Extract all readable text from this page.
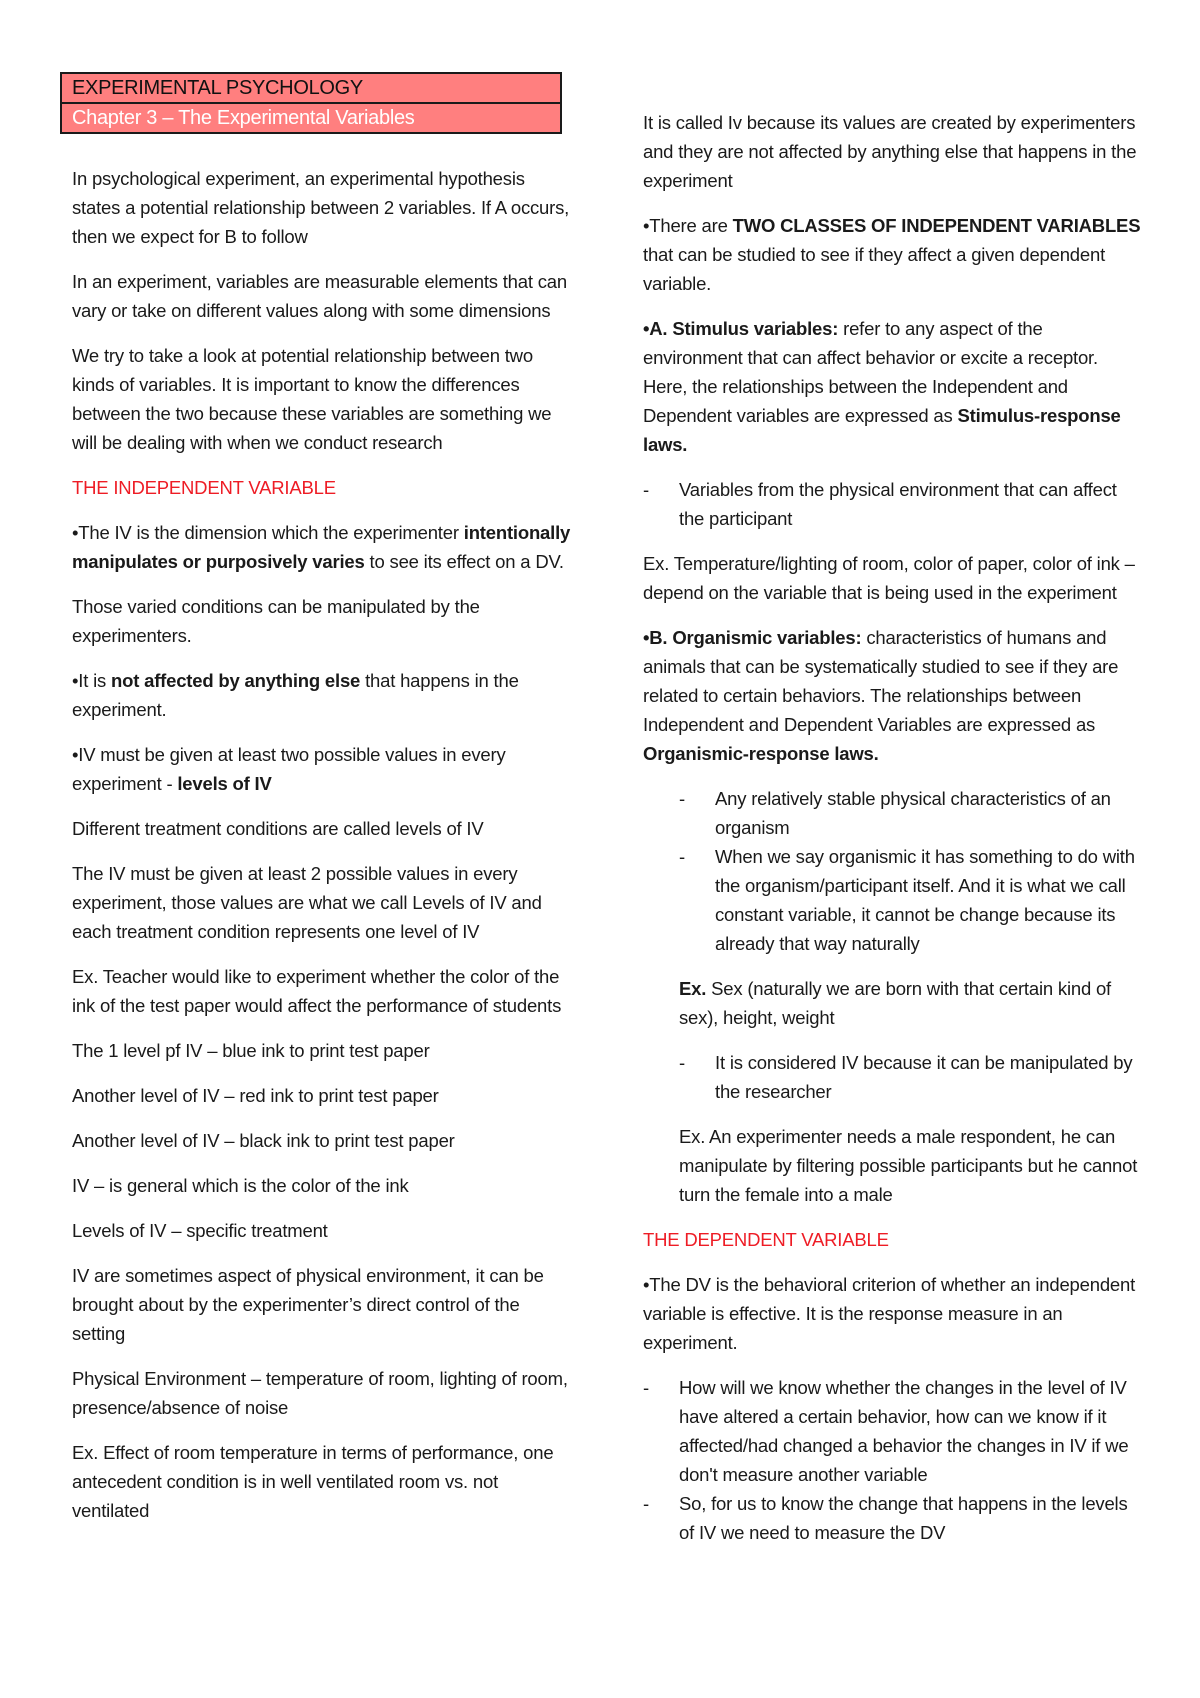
EXPERIMENTAL PSYCHOLOGY
Chapter 3 – The Experimental Variables

In psychological experiment, an experimental hypothesis states a potential relationship between 2 variables. If A occurs, then we expect for B to follow

In an experiment, variables are measurable elements that can vary or take on different values along with some dimensions

We try to take a look at potential relationship between two kinds of variables. It is important to know the differences between the two because these variables are something we will be dealing with when we conduct research

THE INDEPENDENT VARIABLE

•The IV is the dimension which the experimenter intentionally manipulates or purposively varies to see its effect on a DV.

Those varied conditions can be manipulated by the experimenters.

•It is not affected by anything else that happens in the experiment.

•IV must be given at least two possible values in every experiment - levels of IV

Different treatment conditions are called levels of IV

The IV must be given at least 2 possible values in every experiment, those values are what we call Levels of IV and each treatment condition represents one level of IV

Ex. Teacher would like to experiment whether the color of the ink of the test paper would affect the performance of students

The 1 level pf IV – blue ink to print test paper

Another level of IV – red ink to print test paper

Another level of IV – black ink to print test paper

IV – is general which is the color of the ink

Levels of IV – specific treatment

IV are sometimes aspect of physical environment, it can be brought about by the experimenter’s direct control of the setting

Physical Environment – temperature of room, lighting of room, presence/absence of noise

Ex. Effect of room temperature in terms of performance, one antecedent condition is in well ventilated room vs. not ventilated

It is called Iv because its values are created by experimenters and they are not affected by anything else that happens in the experiment

•There are TWO CLASSES OF INDEPENDENT VARIABLES that can be studied to see if they affect a given dependent variable.

•A. Stimulus variables: refer to any aspect of the environment that can affect behavior or excite a receptor. Here, the relationships between the Independent and Dependent variables are expressed as Stimulus-response laws.

- Variables from the physical environment that can affect the participant

Ex. Temperature/lighting of room, color of paper, color of ink – depend on the variable that is being used in the experiment

•B. Organismic variables: characteristics of humans and animals that can be systematically studied to see if they are related to certain behaviors. The relationships between Independent and Dependent Variables are expressed as Organismic-response laws.

- Any relatively stable physical characteristics of an organism
- When we say organismic it has something to do with the organism/participant itself. And it is what we call constant variable, it cannot be change because its already that way naturally

Ex. Sex (naturally we are born with that certain kind of sex), height, weight

- It is considered IV because it can be manipulated by the researcher

Ex. An experimenter needs a male respondent, he can manipulate by filtering possible participants but he cannot turn the female into a male

THE DEPENDENT VARIABLE

•The DV is the behavioral criterion of whether an independent variable is effective. It is the response measure in an experiment.

- How will we know whether the changes in the level of IV have altered a certain behavior, how can we know if it affected/had changed a behavior the changes in IV if we don't measure another variable
- So, for us to know the change that happens in the levels of IV we need to measure the DV
